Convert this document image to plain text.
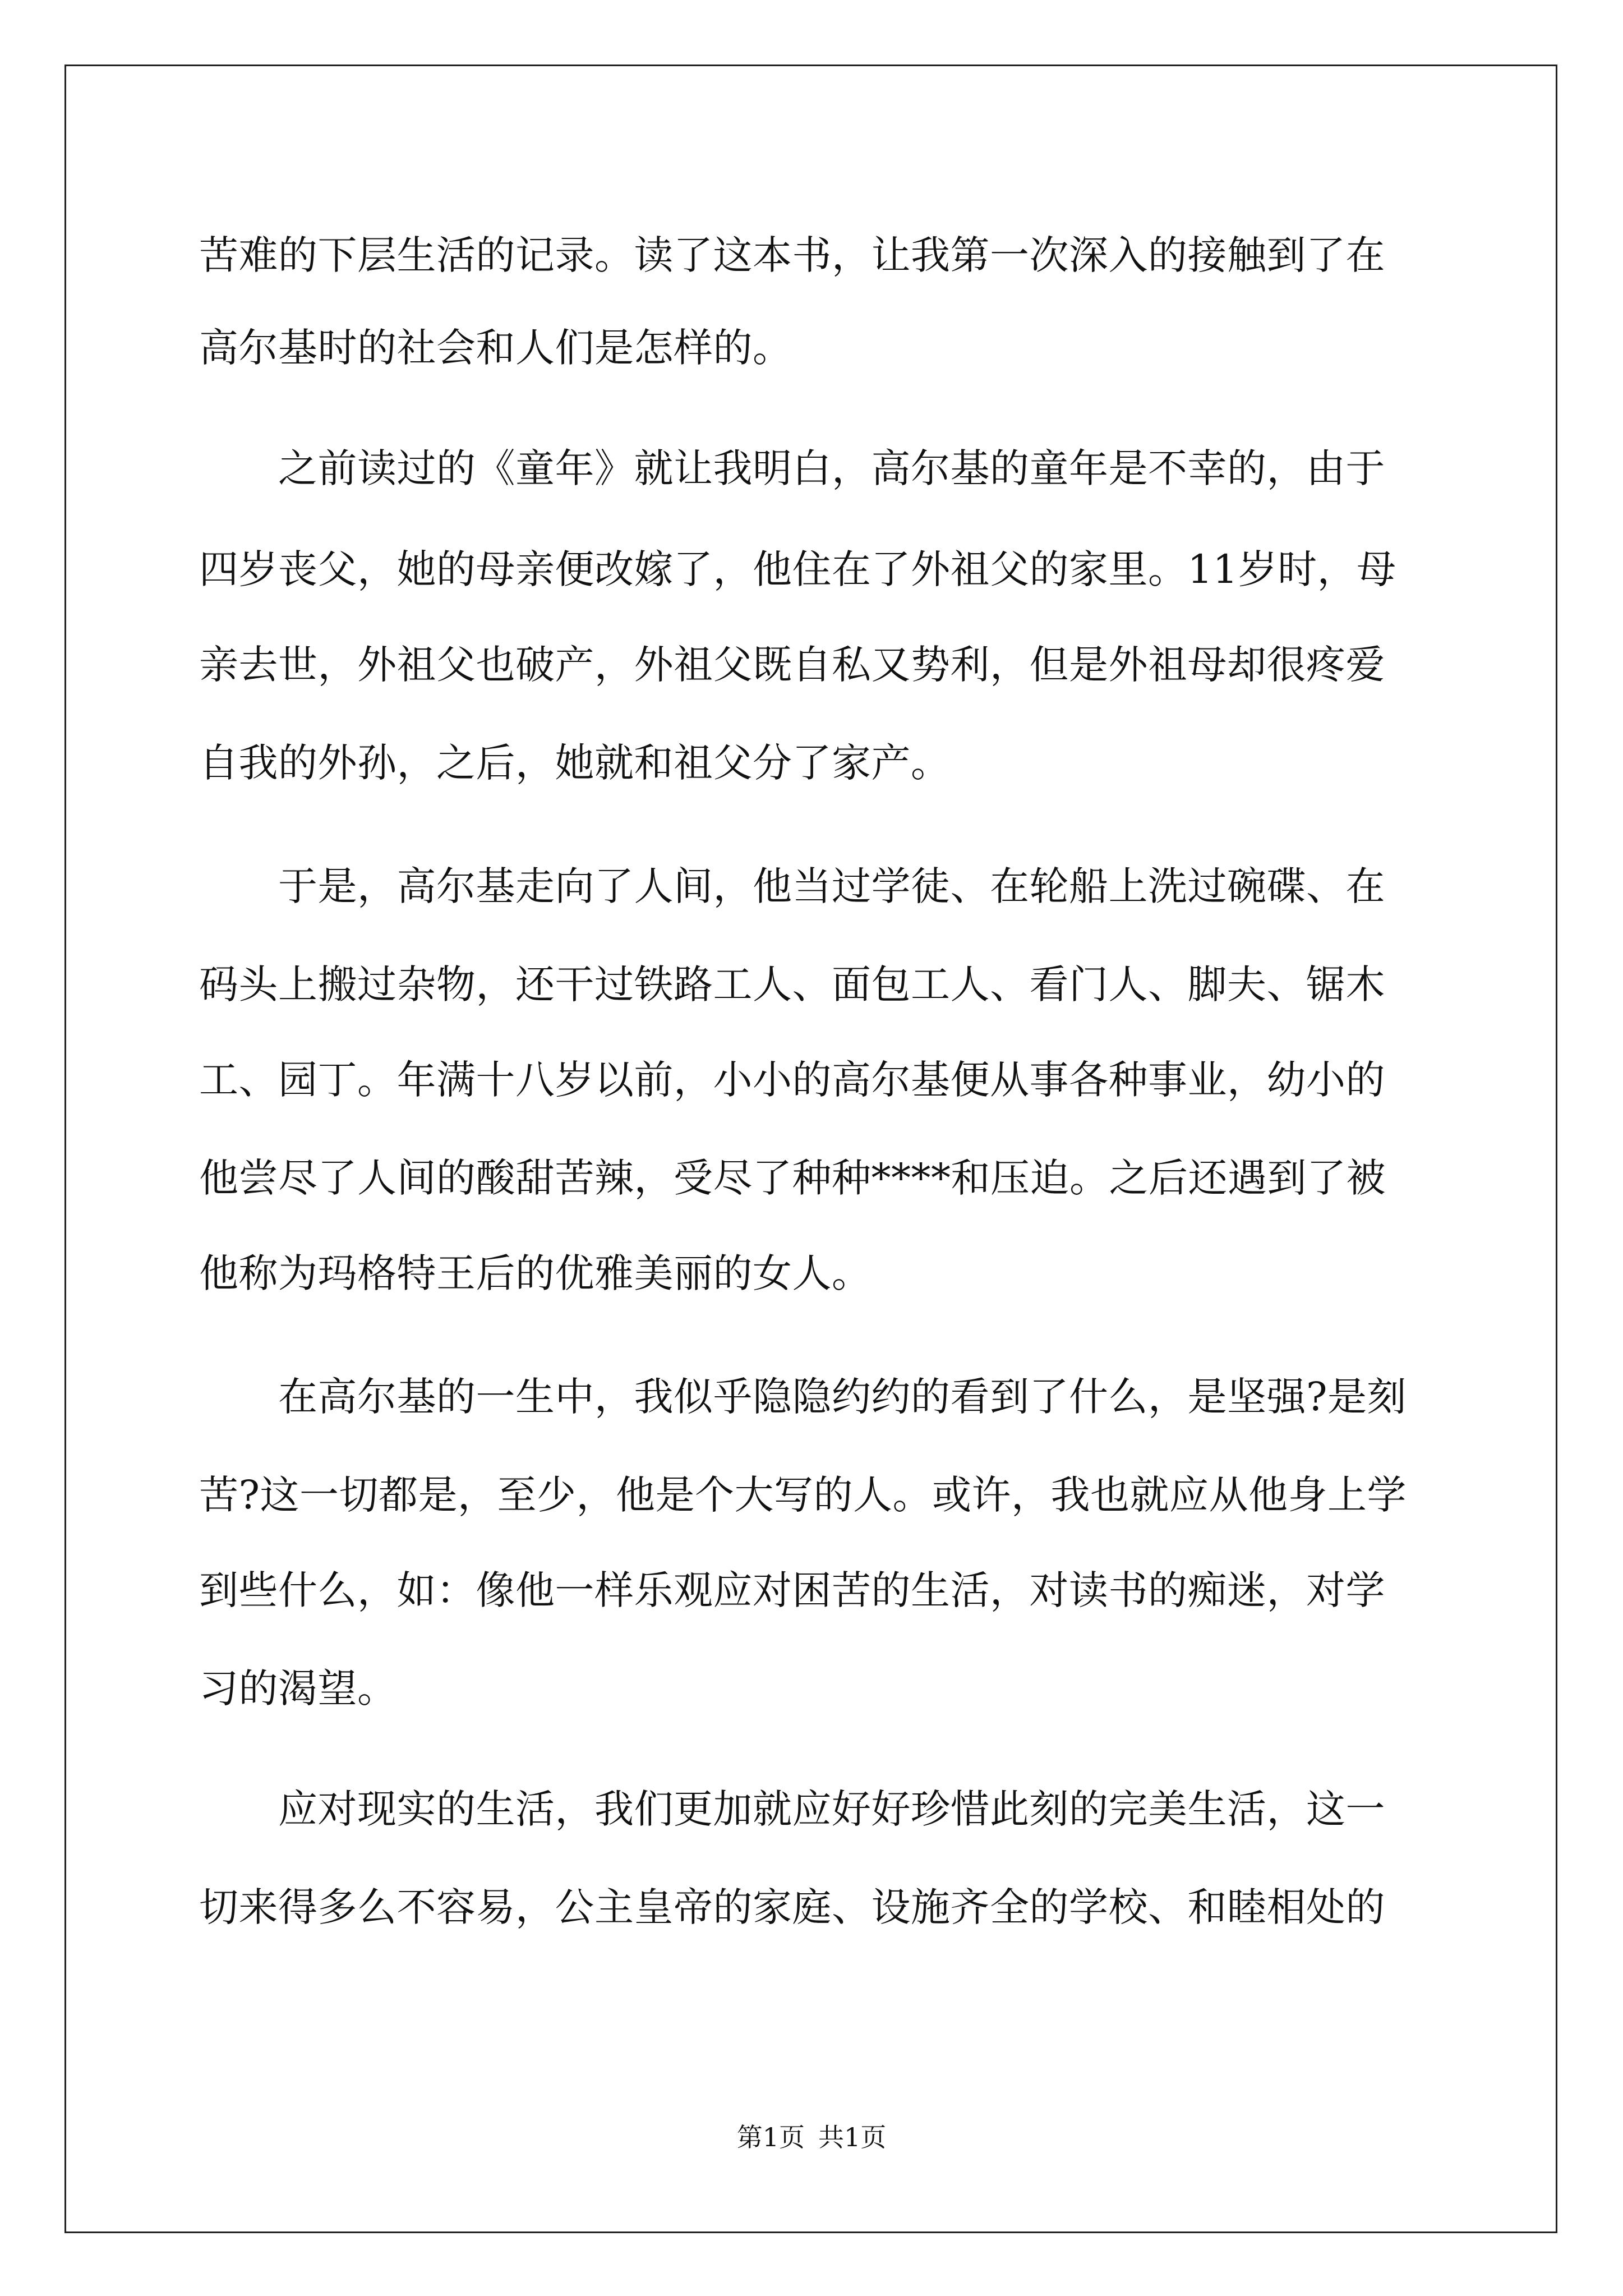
苦难的下层生活的记录。读了这本书，让我第一次深入的接触到了在
高尔基时的社会和人们是怎样的。
　　之前读过的《童年》就让我明白，高尔基的童年是不幸的，由于
四岁丧父，她的母亲便改嫁了，他住在了外祖父的家里。11岁时，母
亲去世，外祖父也破产，外祖父既自私又势利，但是外祖母却很疼爱
自我的外孙，之后，她就和祖父分了家产。
　　于是，高尔基走向了人间，他当过学徒、在轮船上洗过碗碟、在
码头上搬过杂物，还干过铁路工人、面包工人、看门人、脚夫、锯木
工、园丁。年满十八岁以前，小小的高尔基便从事各种事业，幼小的
他尝尽了人间的酸甜苦辣，受尽了种种****和压迫。之后还遇到了被
他称为玛格特王后的优雅美丽的女人。
　　在高尔基的一生中，我似乎隐隐约约的看到了什么，是坚强?是刻
苦?这一切都是，至少，他是个大写的人。或许，我也就应从他身上学
到些什么，如：像他一样乐观应对困苦的生活，对读书的痴迷，对学
习的渴望。
　　应对现实的生活，我们更加就应好好珍惜此刻的完美生活，这一
切来得多么不容易，公主皇帝的家庭、设施齐全的学校、和睦相处的
第1页 共1页
